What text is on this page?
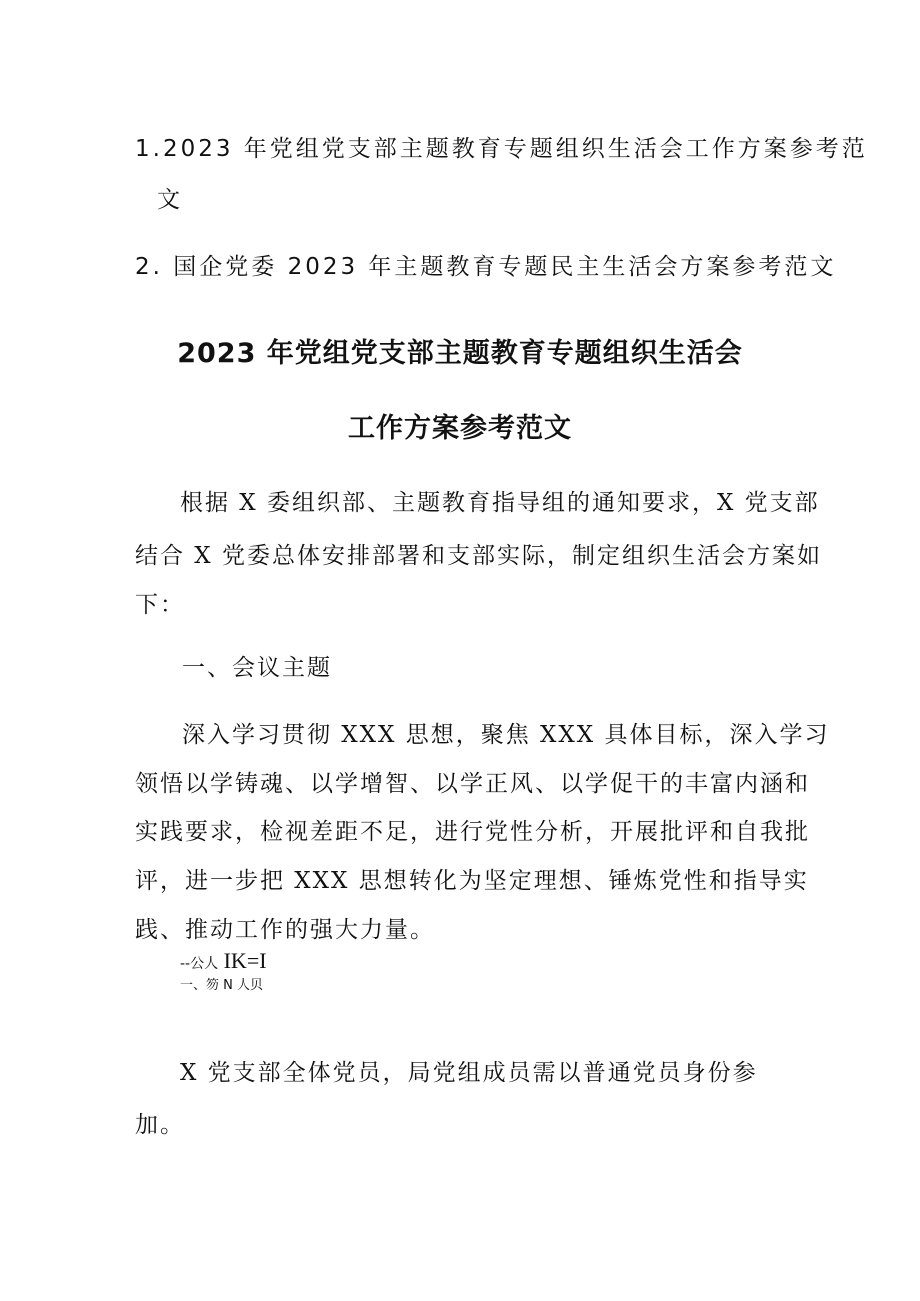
1.2023 年党组党支部主题教育专题组织生活会工作方案参考范
文
2. 国企党委 2023 年主题教育专题民主生活会方案参考范文
2023 年党组党支部主题教育专题组织生活会
工作方案参考范文
根据 X 委组织部、主题教育指导组的通知要求，X 党支部
结合 X 党委总体安排部署和支部实际，制定组织生活会方案如
下：
一、会议主题
深入学习贯彻 XXX 思想，聚焦 XXX 具体目标，深入学习
领悟以学铸魂、以学增智、以学正风、以学促干的丰富内涵和
实践要求，检视差距不足，进行党性分析，开展批评和自我批
评，进一步把 XXX 思想转化为坚定理想、锤炼党性和指导实
践、推动工作的强大力量。
--公人 IK=I
一、笏 N 人贝
X 党支部全体党员，局党组成员需以普通党员身份参
加。
